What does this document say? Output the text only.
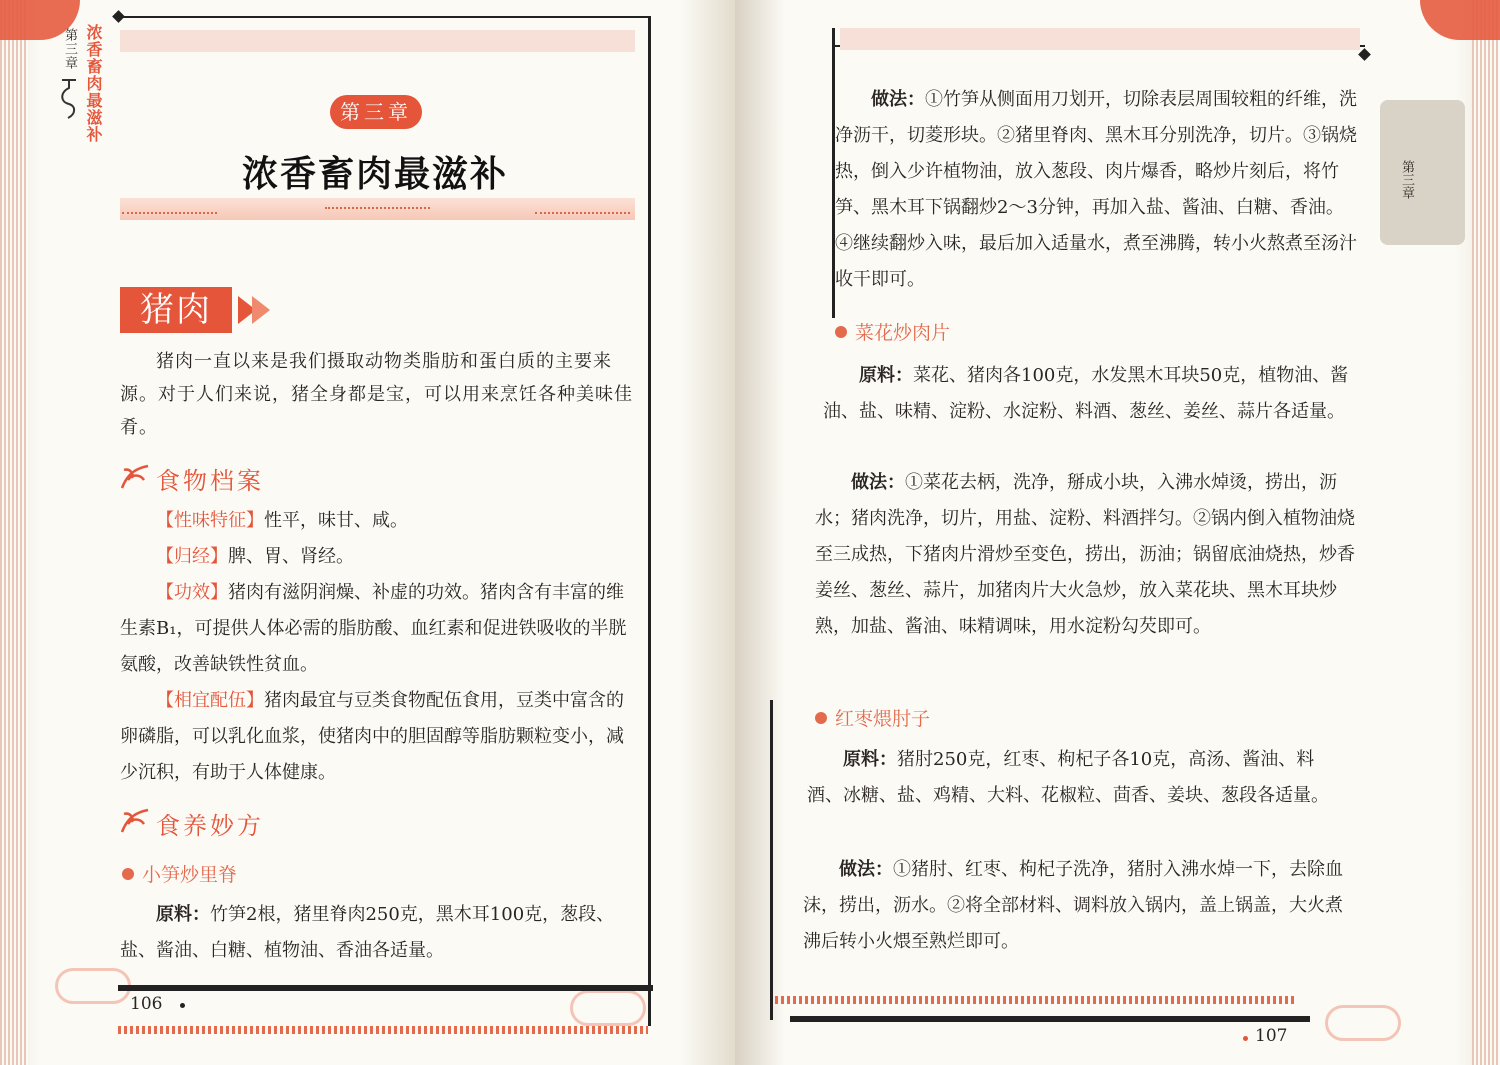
浓香畜肉最滋补
第三章
第三章
浓香畜肉最滋补
猪肉
猪肉一直以来是我们摄取动物类脂肪和蛋白质的主要来源。对于人们来说，猪全身都是宝，可以用来烹饪各种美味佳肴。
食物档案
【性味特征】性平，味甘、咸。
【归经】脾、胃、肾经。
【功效】猪肉有滋阴润燥、补虚的功效。猪肉含有丰富的维生素B₁，可提供人体必需的脂肪酸、血红素和促进铁吸收的半胱氨酸，改善缺铁性贫血。
【相宜配伍】猪肉最宜与豆类食物配伍食用，豆类中富含的卵磷脂，可以乳化血浆，使猪肉中的胆固醇等脂肪颗粒变小，减少沉积，有助于人体健康。
食养妙方
小笋炒里脊
原料：竹笋2根，猪里脊肉250克，黑木耳100克，葱段、盐、酱油、白糖、植物油、香油各适量。
106
第三章
做法：①竹笋从侧面用刀划开，切除表层周围较粗的纤维，洗净沥干，切菱形块。②猪里脊肉、黑木耳分别洗净，切片。③锅烧热，倒入少许植物油，放入葱段、肉片爆香，略炒片刻后，将竹笋、黑木耳下锅翻炒2～3分钟，再加入盐、酱油、白糖、香油。④继续翻炒入味，最后加入适量水，煮至沸腾，转小火熬煮至汤汁收干即可。
菜花炒肉片
原料：菜花、猪肉各100克，水发黑木耳块50克，植物油、酱油、盐、味精、淀粉、水淀粉、料酒、葱丝、姜丝、蒜片各适量。
做法：①菜花去柄，洗净，掰成小块，入沸水焯烫，捞出，沥水；猪肉洗净，切片，用盐、淀粉、料酒拌匀。②锅内倒入植物油烧至三成热，下猪肉片滑炒至变色，捞出，沥油；锅留底油烧热，炒香姜丝、葱丝、蒜片，加猪肉片大火急炒，放入菜花块、黑木耳块炒熟，加盐、酱油、味精调味，用水淀粉勾芡即可。
红枣煨肘子
原料：猪肘250克，红枣、枸杞子各10克，高汤、酱油、料酒、冰糖、盐、鸡精、大料、花椒粒、茴香、姜块、葱段各适量。
做法：①猪肘、红枣、枸杞子洗净，猪肘入沸水焯一下，去除血沫，捞出，沥水。②将全部材料、调料放入锅内，盖上锅盖，大火煮沸后转小火煨至熟烂即可。
107
